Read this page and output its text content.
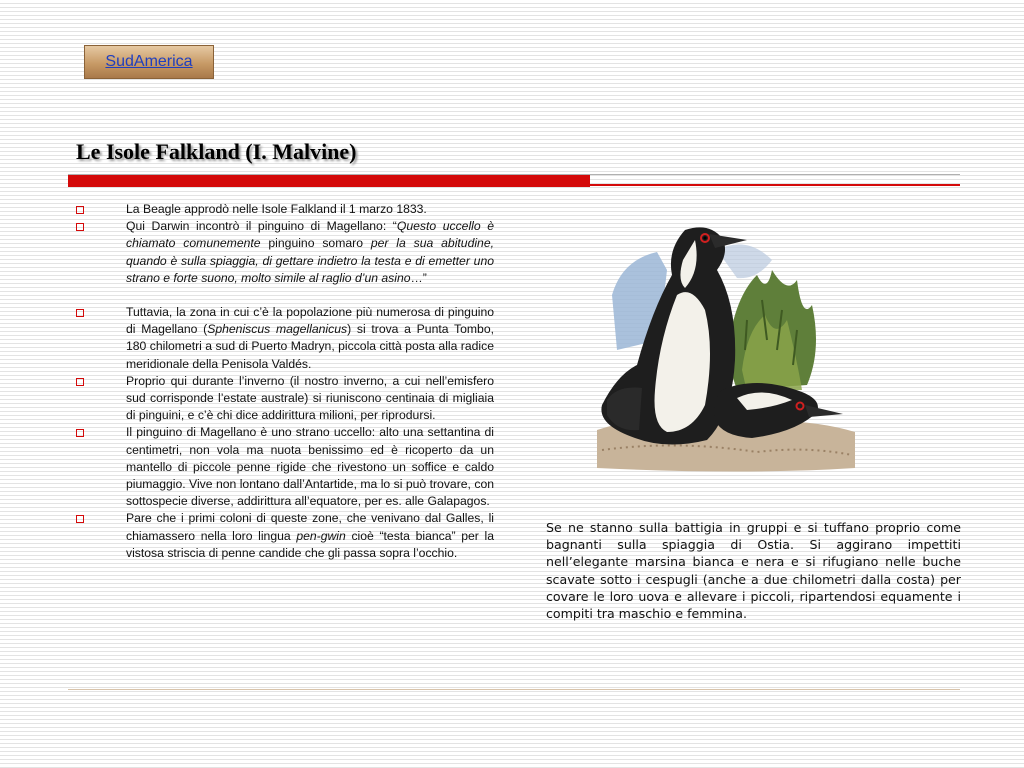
SudAmerica
Le Isole Falkland (I. Malvine)
La Beagle approdò nelle Isole Falkland il 1 marzo 1833.
Qui Darwin incontrò il pinguino di Magellano: “Questo uccello è chiamato comunemente pinguino somaro per la sua abitudine, quando è sulla spiaggia, di gettare indietro la testa e di emetter uno strano e forte suono, molto simile al raglio d’un asino…”
Tuttavia, la zona in cui c’è la popolazione più numerosa di pinguino di Magellano (Spheniscus magellanicus) si trova a Punta Tombo, 180 chilometri a sud di Puerto Madryn, piccola città posta alla radice meridionale della Penisola Valdés.
Proprio qui durante l’inverno (il nostro inverno, a cui nell’emisfero sud corrisponde l’estate australe) si riuniscono centinaia di migliaia di pinguini, e c’è chi dice addirittura milioni, per riprodursi.
Il pinguino di Magellano è uno strano uccello: alto una settantina di centimetri, non vola ma nuota benissimo ed è ricoperto da un mantello di piccole penne rigide che rivestono un soffice e caldo piumaggio. Vive non lontano dall’Antartide, ma lo si può trovare, con sottospecie diverse, addirittura all’equatore, per es. alle Galapagos.
Pare che i primi coloni di queste zone, che venivano dal Galles, li chiamassero nella loro lingua pen-gwin cioè “testa bianca” per la vistosa striscia di penne candide che gli passa sopra l’occhio.

Se ne stanno sulla battigia in gruppi e si tuffano proprio come bagnanti sulla spiaggia di Ostia. Si aggirano impettiti nell’elegante marsina bianca e nera e si rifugiano nelle buche scavate sotto i cespugli (anche a due chilometri dalla costa) per covare le loro uova e allevare i piccoli, ripartendosi equamente i compiti tra maschio e femmina.
